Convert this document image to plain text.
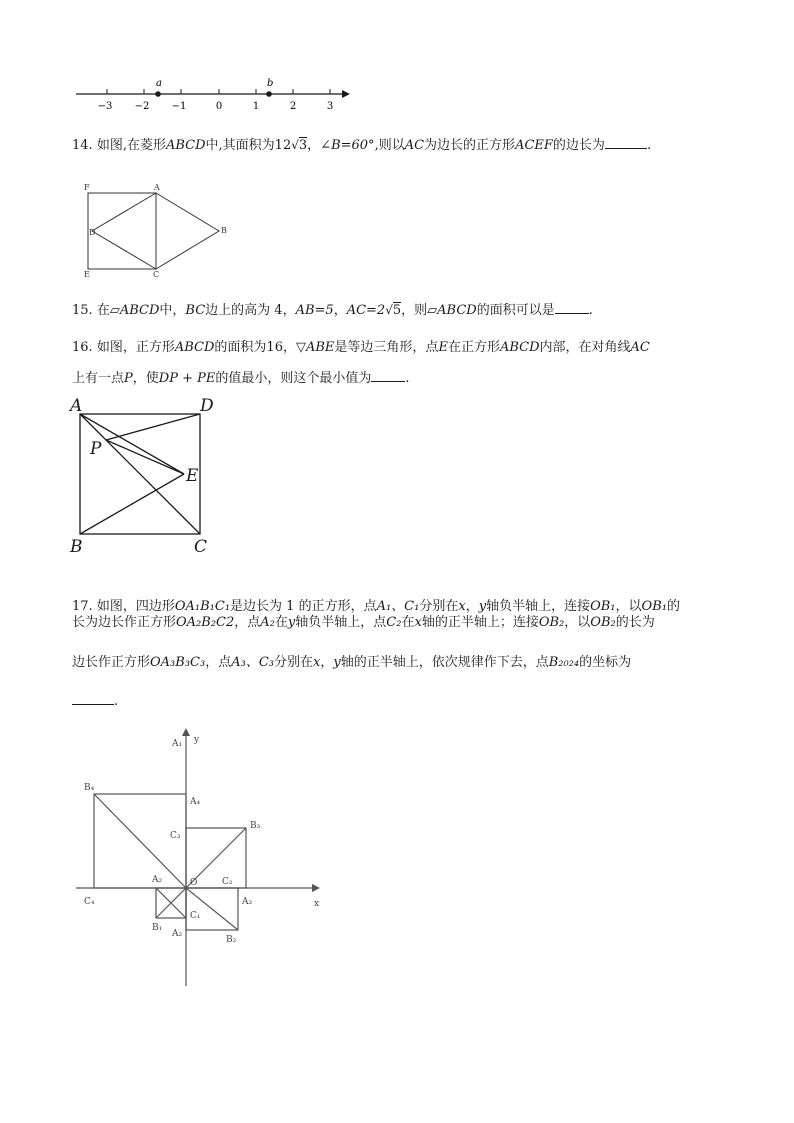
a	b
−3 −2 −1	0	1	2	3
14. 如图,在菱形ABCD中,其面积为12√3，∠B=60°,则以AC为边长的正方形ACEF的边长为	.
F	A
D	B
E	C
15. 在▱ABCD中，BC边上的高为 4，AB=5，AC=2√5，则▱ABCD的面积可以是	.
16. 如图，正方形ABCD的面积为16，▽ABE是等边三角形，点E在正方形ABCD内部，在对角线AC
上有一点P，使DP + PE的值最小，则这个最小值为	.
A	D
P
E
B	C
17. 如图，四边形OA₁B₁C₁是边长为 1 的正方形，点A₁、C₁分别在x，y轴负半轴上，连接OB₁，以OB₁的
长为边长作正方形OA₂B₂C2，点A₂在y轴负半轴上，点C₂在x轴的正半轴上；连接OB₂，以OB₂的长为
边长作正方形OA₃B₃C₃，点A₃、C₃分别在x，y轴的正半轴上，依次规律作下去，点B₂₀₂₄的坐标为
.
A₁ y
B₄
A₄
C₃
B₃
A₂	O	C₂
C₄	A₃	x
C₁
B₁
A₂
B₂
